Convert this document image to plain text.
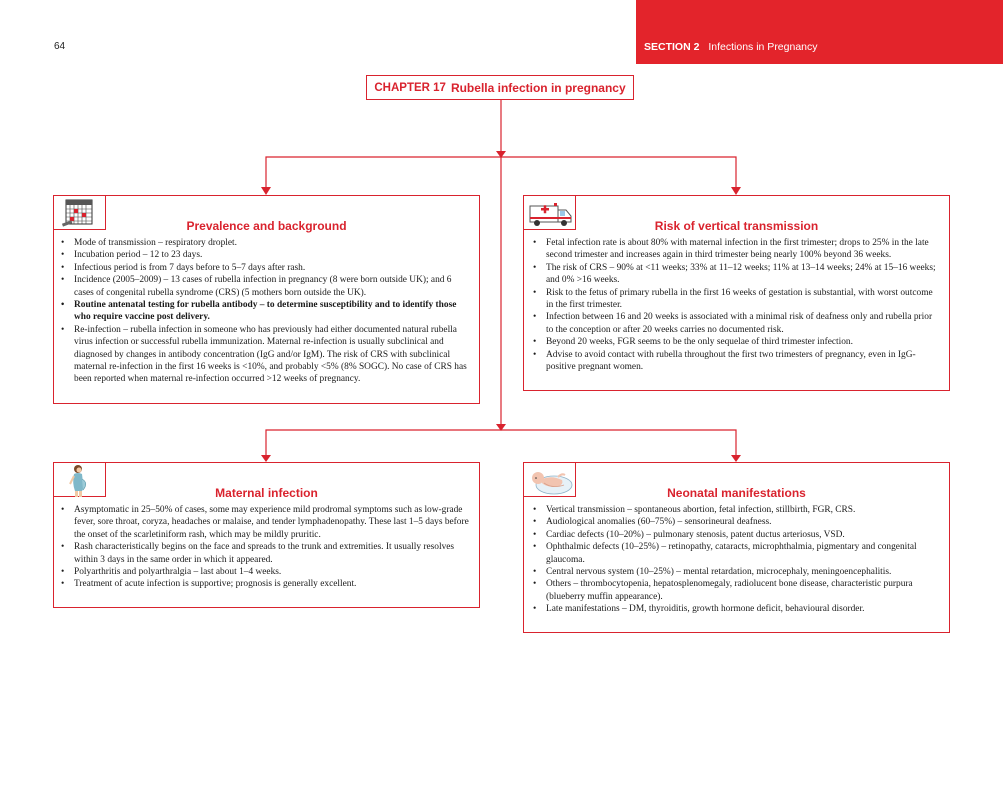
64	SECTION 2 Infections in Pregnancy
CHAPTER 17 Rubella infection in pregnancy
Prevalence and background
• Mode of transmission – respiratory droplet.
• Incubation period – 12 to 23 days.
• Infectious period is from 7 days before to 5–7 days after rash.
• Incidence (2005–2009) – 13 cases of rubella infection in pregnancy (8 were born outside UK); and 6 cases of congenital rubella syndrome (CRS) (5 mothers born outside the UK).
• Routine antenatal testing for rubella antibody – to determine susceptibility and to identify those who require vaccine post delivery.
• Re-infection – rubella infection in someone who has previously had either documented natural rubella virus infection or successful rubella immunization. Maternal re-infection is usually subclinical and diagnosed by changes in antibody concentration (IgG and/or IgM). The risk of CRS with subclinical maternal re-infection in the first 16 weeks is <10%, and probably <5% (8% SOGC). No case of CRS has been reported when maternal re-infection occurred >12 weeks of pregnancy.
Risk of vertical transmission
• Fetal infection rate is about 80% with maternal infection in the first trimester; drops to 25% in the late second trimester and increases again in third trimester being nearly 100% beyond 36 weeks.
• The risk of CRS – 90% at <11 weeks; 33% at 11–12 weeks; 11% at 13–14 weeks; 24% at 15–16 weeks; and 0% >16 weeks.
• Risk to the fetus of primary rubella in the first 16 weeks of gestation is substantial, with worst outcome in the first trimester.
• Infection between 16 and 20 weeks is associated with a minimal risk of deafness only and rubella prior to the conception or after 20 weeks carries no documented risk.
• Beyond 20 weeks, FGR seems to be the only sequelae of third trimester infection.
• Advise to avoid contact with rubella throughout the first two trimesters of pregnancy, even in IgG-positive pregnant women.
Maternal infection
• Asymptomatic in 25–50% of cases, some may experience mild prodromal symptoms such as low-grade fever, sore throat, coryza, headaches or malaise, and tender lymphadenopathy. These last 1–5 days before the onset of the scarletiniform rash, which may be mildly pruritic.
• Rash characteristically begins on the face and spreads to the trunk and extremities. It usually resolves within 3 days in the same order in which it appeared.
• Polyarthritis and polyarthralgia – last about 1–4 weeks.
• Treatment of acute infection is supportive; prognosis is generally excellent.
Neonatal manifestations
• Vertical transmission – spontaneous abortion, fetal infection, stillbirth, FGR, CRS.
• Audiological anomalies (60–75%) – sensorineural deafness.
• Cardiac defects (10–20%) – pulmonary stenosis, patent ductus arteriosus, VSD.
• Ophthalmic defects (10–25%) – retinopathy, cataracts, microphthalmia, pigmentary and congenital glaucoma.
• Central nervous system (10–25%) – mental retardation, microcephaly, meningoencephalitis.
• Others – thrombocytopenia, hepatosplenomegaly, radiolucent bone disease, characteristic purpura (blueberry muffin appearance).
• Late manifestations – DM, thyroiditis, growth hormone deficit, behavioural disorder.
